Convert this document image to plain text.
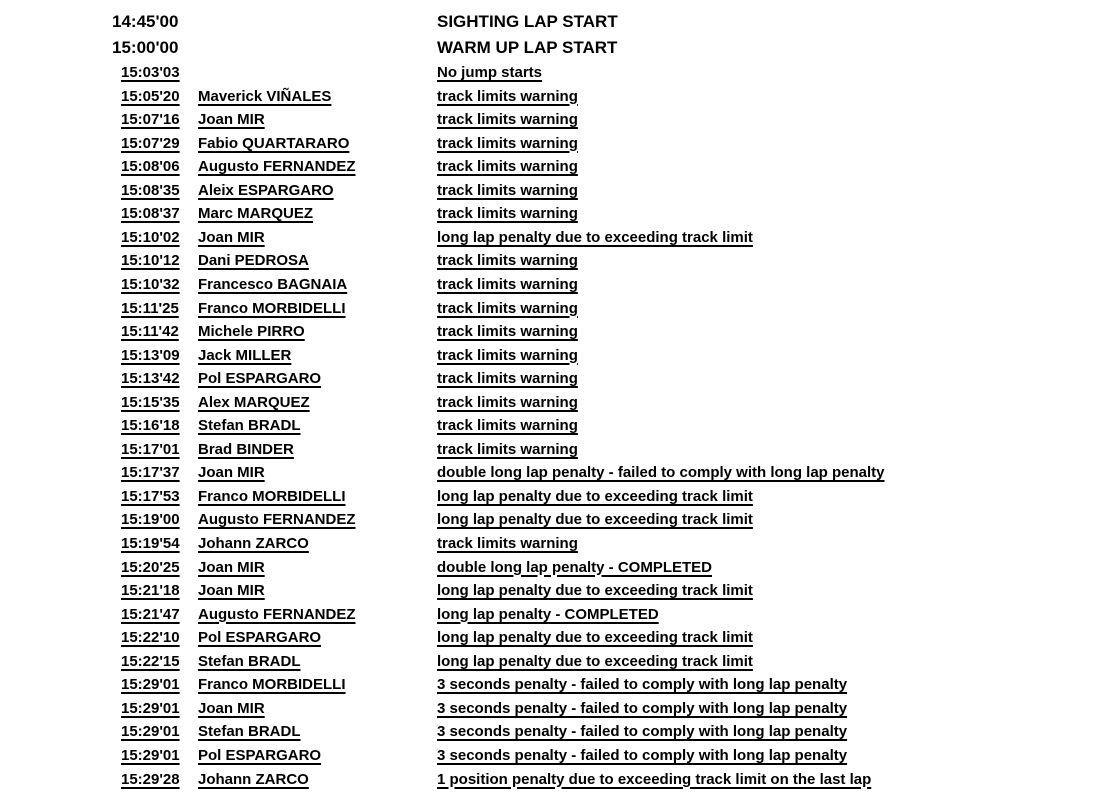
14:45'00	SIGHTING LAP START
15:00'00	WARM UP LAP START
15:03'03	No jump starts
15:05'20 Maverick VIÑALES	track limits warning
15:07'16 Joan MIR	track limits warning
15:07'29 Fabio QUARTARARO	track limits warning
15:08'06 Augusto FERNANDEZ	track limits warning
15:08'35 Aleix ESPARGARO	track limits warning
15:08'37 Marc MARQUEZ	track limits warning
15:10'02 Joan MIR	long lap penalty due to exceeding track limit
15:10'12 Dani PEDROSA	track limits warning
15:10'32 Francesco BAGNAIA	track limits warning
15:11'25 Franco MORBIDELLI	track limits warning
15:11'42 Michele PIRRO	track limits warning
15:13'09 Jack MILLER	track limits warning
15:13'42 Pol ESPARGARO	track limits warning
15:15'35 Alex MARQUEZ	track limits warning
15:16'18 Stefan BRADL	track limits warning
15:17'01 Brad BINDER	track limits warning
15:17'37 Joan MIR	double long lap penalty - failed to comply with long lap penalty
15:17'53 Franco MORBIDELLI	long lap penalty due to exceeding track limit
15:19'00 Augusto FERNANDEZ	long lap penalty due to exceeding track limit
15:19'54 Johann ZARCO	track limits warning
15:20'25 Joan MIR	double long lap penalty - COMPLETED
15:21'18 Joan MIR	long lap penalty due to exceeding track limit
15:21'47 Augusto FERNANDEZ	long lap penalty - COMPLETED
15:22'10 Pol ESPARGARO	long lap penalty due to exceeding track limit
15:22'15 Stefan BRADL	long lap penalty due to exceeding track limit
15:29'01 Franco MORBIDELLI	3 seconds penalty - failed to comply with long lap penalty
15:29'01 Joan MIR	3 seconds penalty - failed to comply with long lap penalty
15:29'01 Stefan BRADL	3 seconds penalty - failed to comply with long lap penalty
15:29'01 Pol ESPARGARO	3 seconds penalty - failed to comply with long lap penalty
15:29'28 Johann ZARCO	1 position penalty due to exceeding track limit on the last lap
